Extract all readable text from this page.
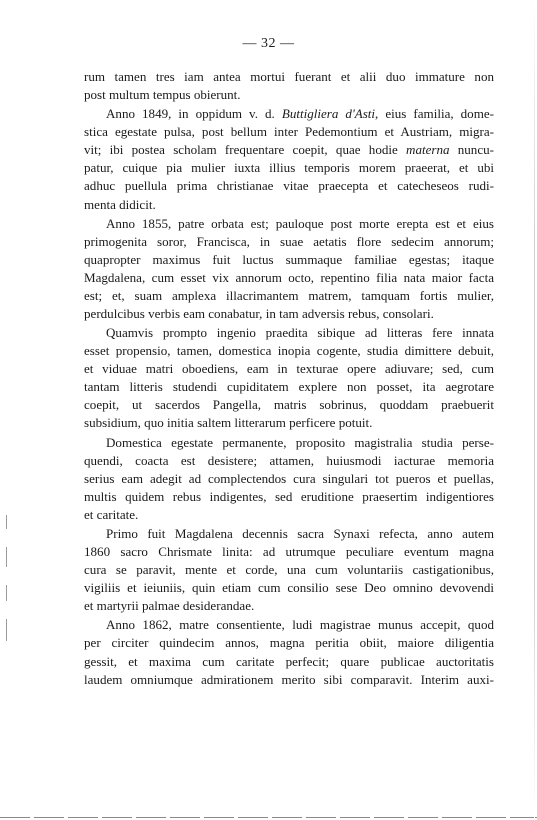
— 32 —
rum tamen tres iam antea mortui fuerant et alii duo immature non
post multum tempus obierunt.
Anno 1849, in oppidum v. d. Buttigliera d'Asti, eius familia, dome-
stica egestate pulsa, post bellum inter Pedemontium et Austriam, migra-
vit; ibi postea scholam frequentare coepit, quae hodie materna nuncu-
patur, cuique pia mulier iuxta illius temporis morem praeerat, et ubi
adhuc puellula prima christianae vitae praecepta et catecheseos rudi-
menta didicit.
Anno 1855, patre orbata est; pauloque post morte erepta est et eius
primogenita soror, Francisca, in suae aetatis flore sedecim annorum;
quapropter maximus fuit luctus summaque familiae egestas; itaque
Magdalena, cum esset vix annorum octo, repentino filia nata maior facta
est; et, suam amplexa illacrimantem matrem, tamquam fortis mulier,
perdulcibus verbis eam conabatur, in tam adversis rebus, consolari.
Quamvis prompto ingenio praedita sibique ad litteras fere innata
esset propensio, tamen, domestica inopia cogente, studia dimittere debuit,
et viduae matri oboediens, eam in texturae opere adiuvare; sed, cum
tantam litteris studendi cupiditatem explere non posset, ita aegrotare
coepit, ut sacerdos Pangella, matris sobrinus, quoddam praebuerit
subsidium, quo initia saltem litterarum perficere potuit.
Domestica egestate permanente, proposito magistralia studia perse-
quendi, coacta est desistere; attamen, huiusmodi iacturae memoria
serius eam adegit ad complectendos cura singulari tot pueros et puellas,
multis quidem rebus indigentes, sed eruditione praesertim indigentiores
et caritate.
Primo fuit Magdalena decennis sacra Synaxi refecta, anno autem
1860 sacro Chrismate linita: ad utrumque peculiare eventum magna
cura se paravit, mente et corde, una cum voluntariis castigationibus,
vigiliis et ieiuniis, quin etiam cum consilio sese Deo omnino devovendi
et martyrii palmae desiderandae.
Anno 1862, matre consentiente, ludi magistrae munus accepit, quod
per circiter quindecim annos, magna peritia obiit, maiore diligentia
gessit, et maxima cum caritate perfecit; quare publicae auctoritatis
laudem omniumque admirationem merito sibi comparavit. Interim auxi-
